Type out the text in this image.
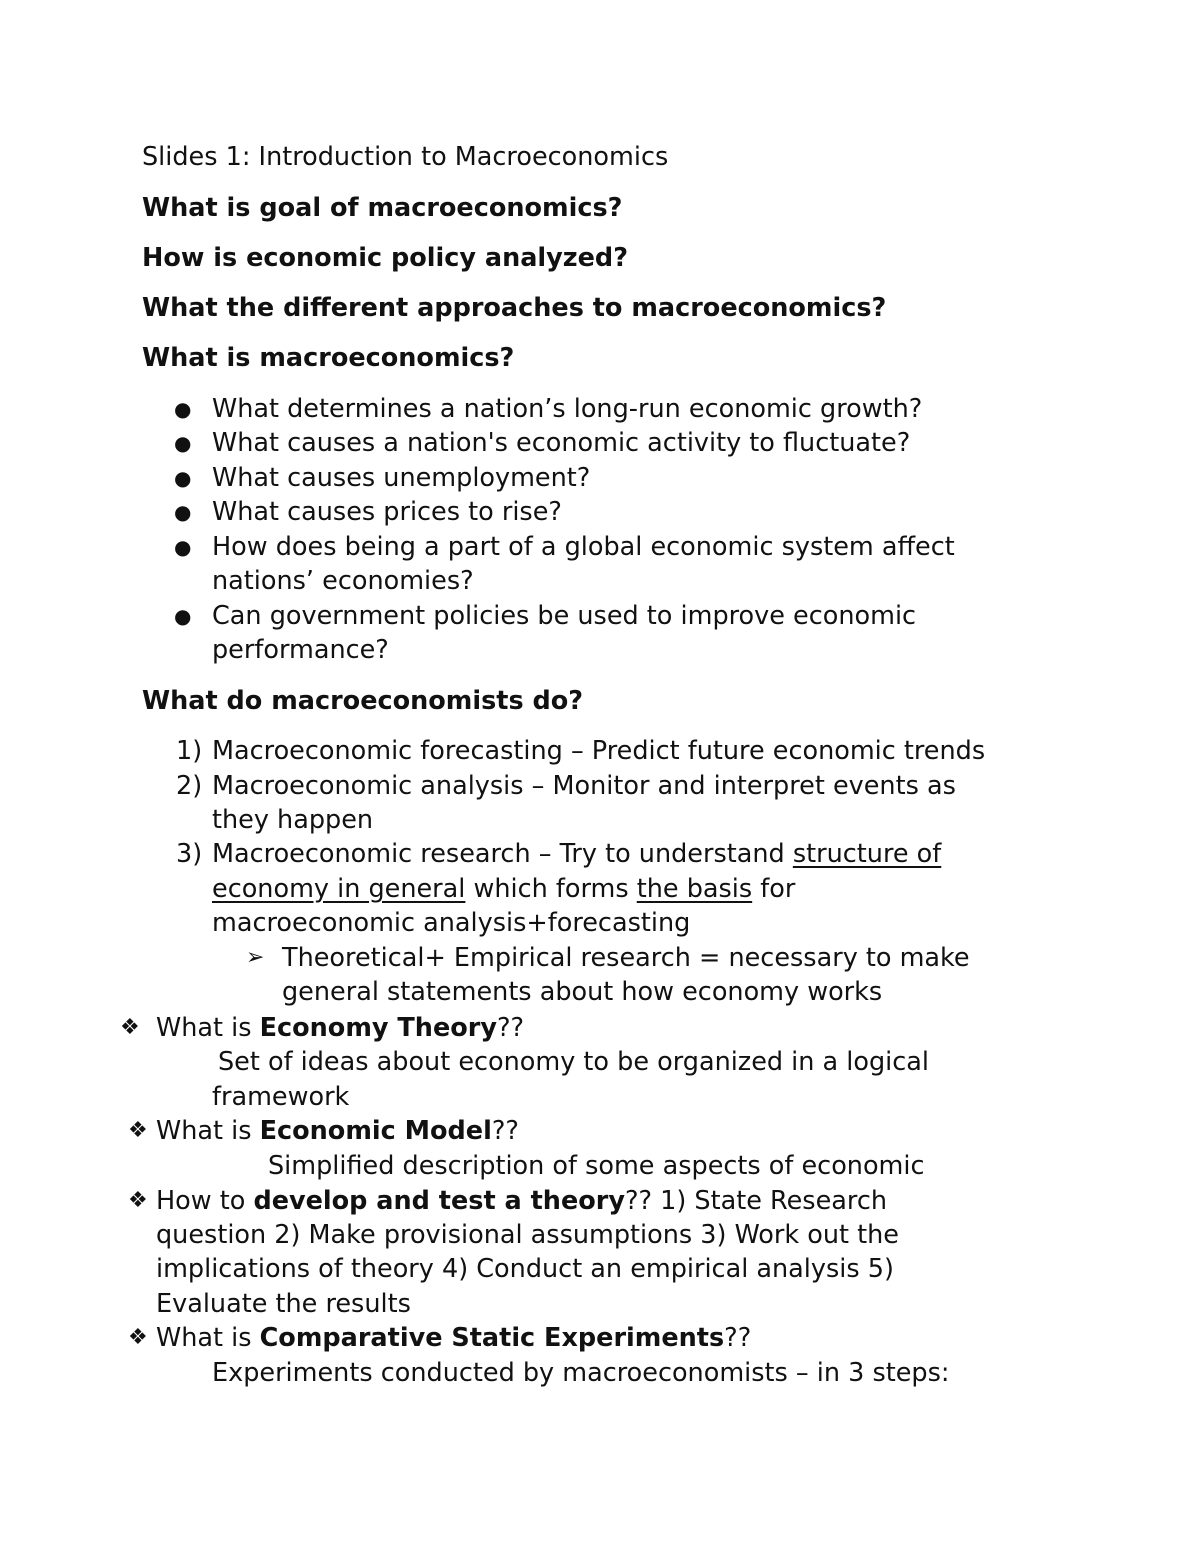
Slides 1: Introduction to Macroeconomics
What is goal of macroeconomics?
How is economic policy analyzed?
What the different approaches to macroeconomics?
What is macroeconomics?
● What determines a nation’s long-run economic growth?
● What causes a nation's economic activity to fluctuate?
● What causes unemployment?
● What causes prices to rise?
● How does being a part of a global economic system affect
nations’ economies?
● Can government policies be used to improve economic
performance?
What do macroeconomists do?
1) Macroeconomic forecasting – Predict future economic trends
2) Macroeconomic analysis – Monitor and interpret events as
they happen
3) Macroeconomic research – Try to understand structure of
economy in general which forms the basis for
macroeconomic analysis+forecasting
➢ Theoretical+ Empirical research = necessary to make
general statements about how economy works
❖ What is Economy Theory??
Set of ideas about economy to be organized in a logical
framework
❖ What is Economic Model??
Simplified description of some aspects of economic
❖ How to develop and test a theory?? 1) State Research
question 2) Make provisional assumptions 3) Work out the
implications of theory 4) Conduct an empirical analysis 5)
Evaluate the results
❖ What is Comparative Static Experiments??
Experiments conducted by macroeconomists – in 3 steps:
